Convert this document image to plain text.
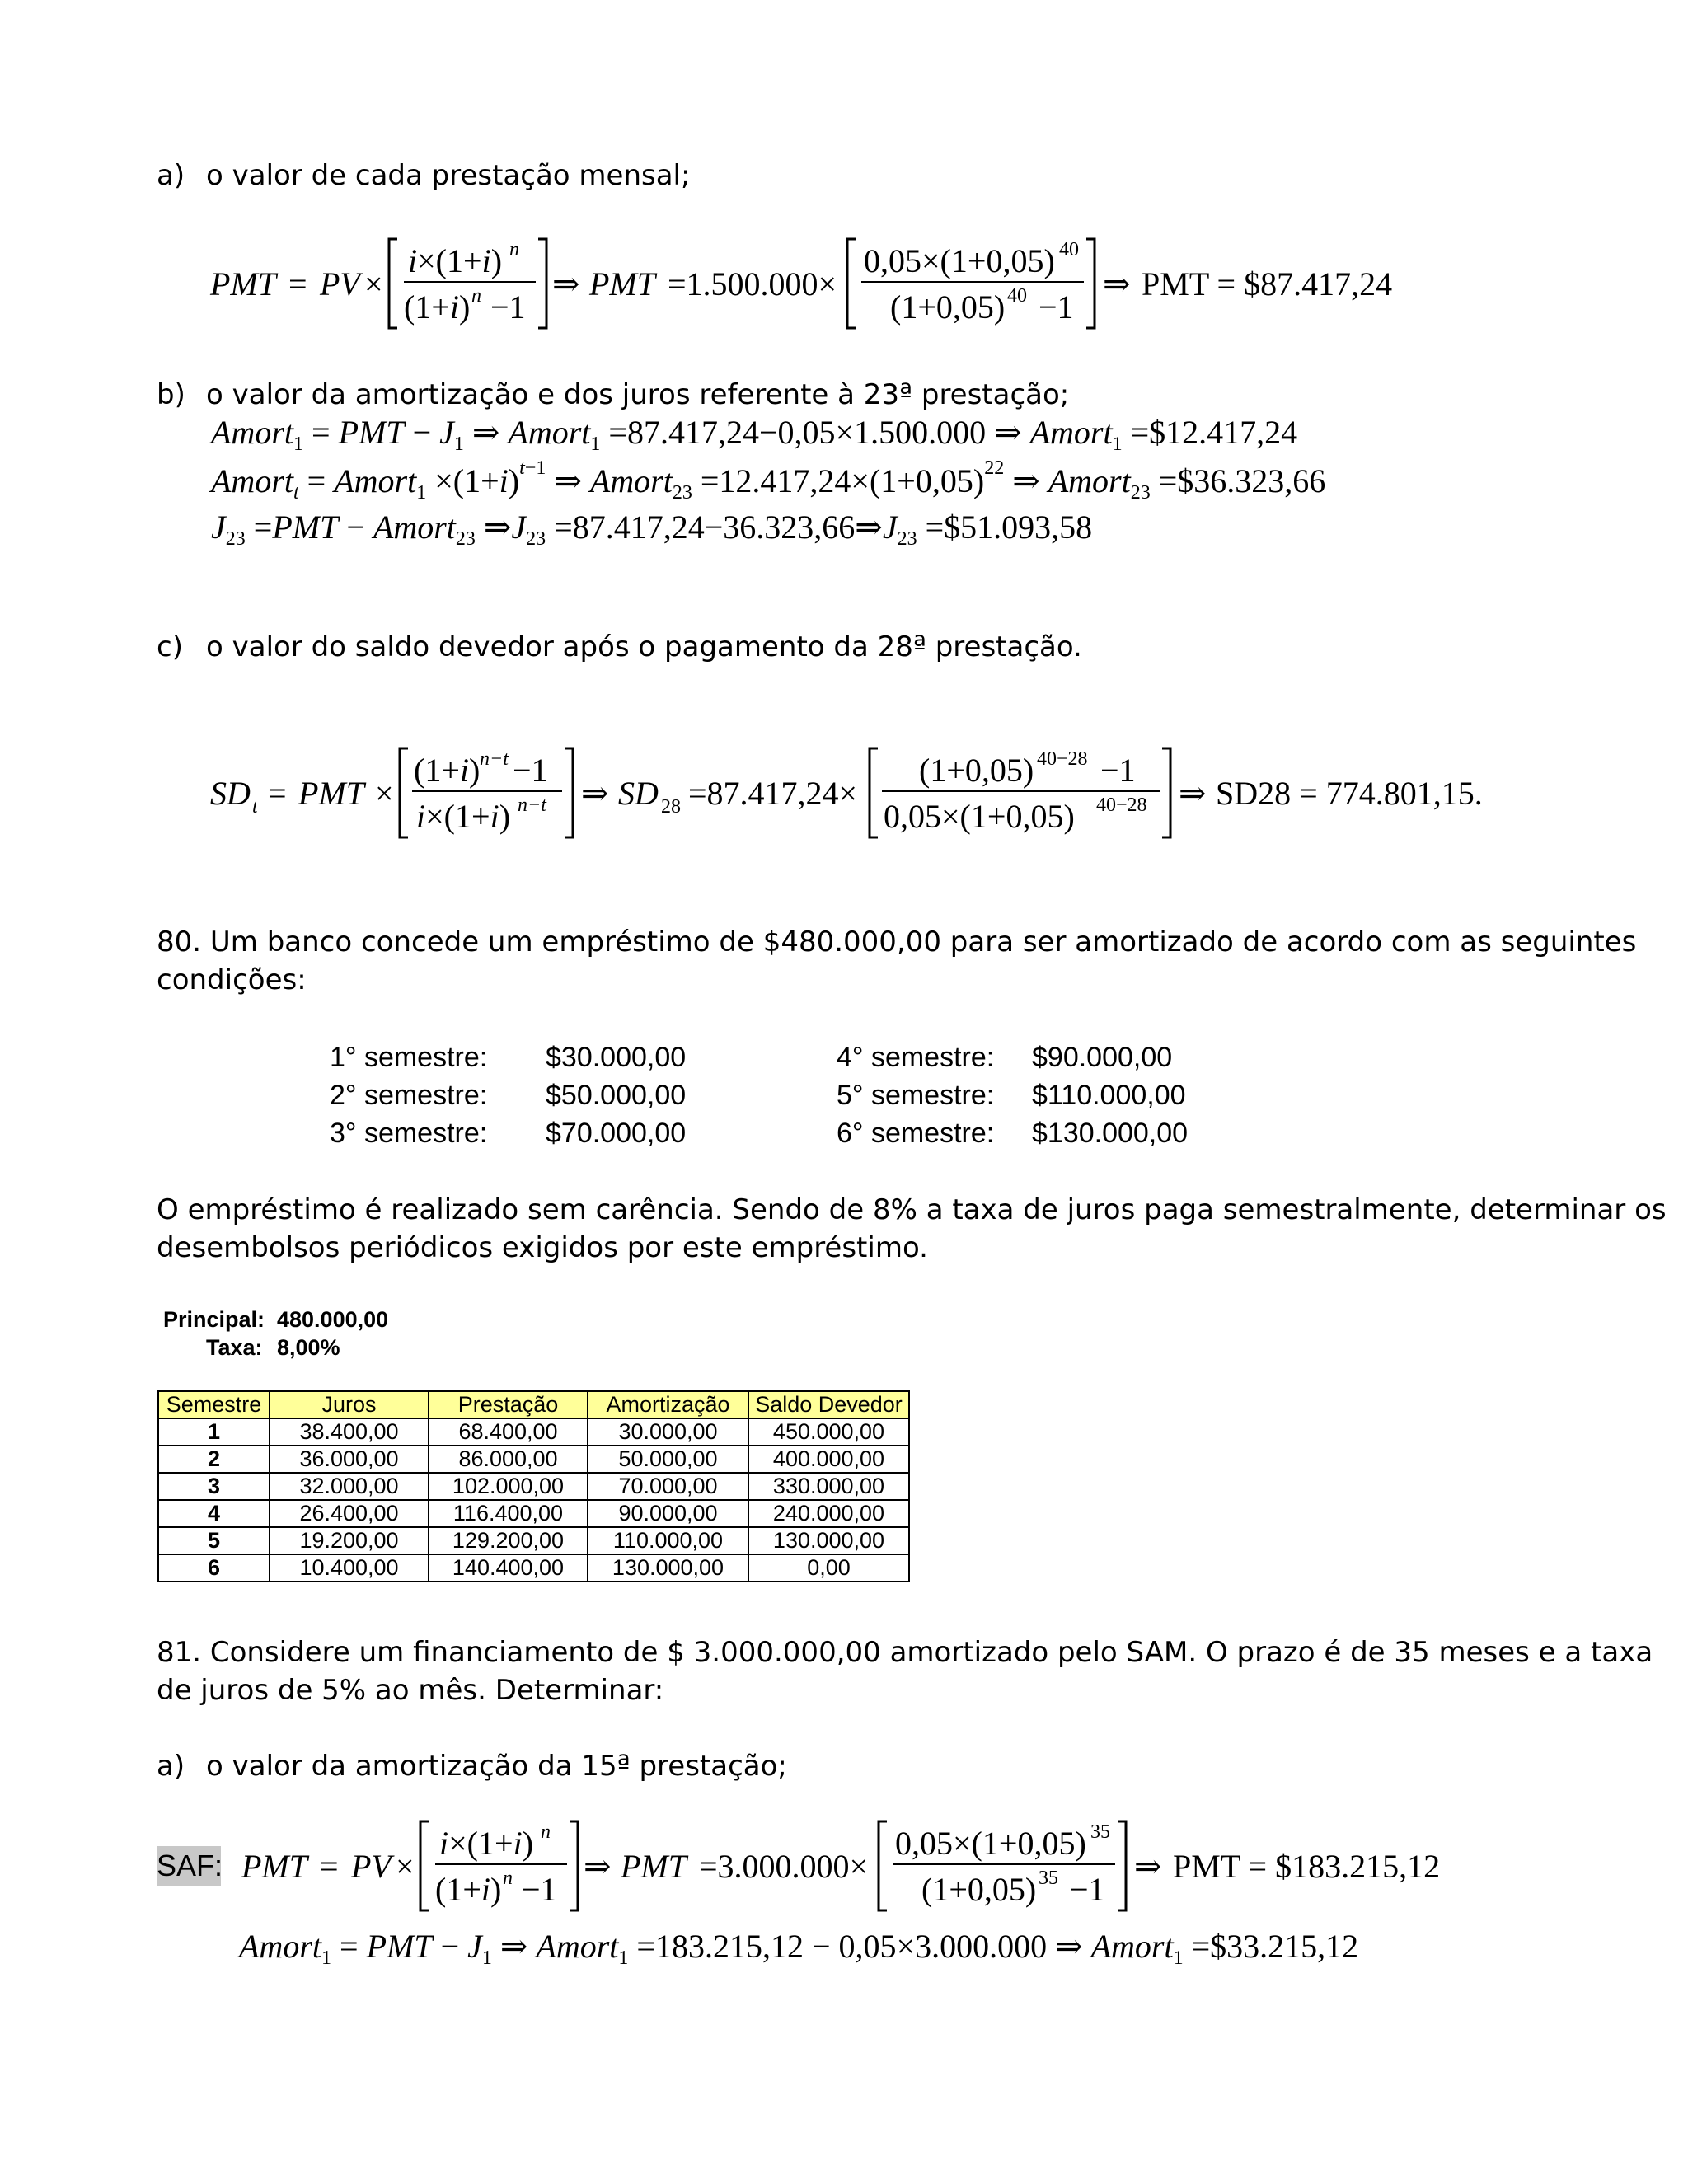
a) o valor de cada prestação mensal;
PMT = PV ×
i×(1+i) n
(1+i) n −1
⇒ PMT =1.500.000×
0,05×(1+0,05) 40
(1+0,05) 40 −1
⇒ PMT = $87.417,24
b) o valor da amortização e dos juros referente à 23ª prestação;
Amort$_1$ = PMT − $J_1$ ⇒ Amort$_1$ =87.417,24−0,05×1.500.000 ⇒ Amort$_1$ =$12.417,24
Amort$_t$ = Amort$_1$ $\times(1+i)^{t-1}$ ⇒ Amort$_{23}$ $=12.417,24\times(1+0,05)^{22}$ ⇒ Amort$_{23}$ =$36.323,66
$J_{23} =PMT$ − Amort$_{23}$ $\Rightarrow J_{23}$ $=87.417,24-36.323,66\Rightarrow J_{23}$ =$51.093,58
c) o valor do saldo devedor após o pagamento da 28ª prestação.
SD t = PMT ×
(1+i) n−t −1
i×(1+i) n−t ⇒ SD 28 =87.417,24×
(1+0,05) 40−28 −1
0,05×(1+0,05) 40−28 ⇒ SD28 = 774.801,15.
80. Um banco concede um empréstimo de $480.000,00 para ser amortizado de acordo com as seguintes
condições:
1° semestre: $30.000,00
2° semestre: $50.000,00
3° semestre: $70.000,00
4° semestre: $90.000,00
5° semestre: $110.000,00
6° semestre: $130.000,00
O empréstimo é realizado sem carência. Sendo de 8% a taxa de juros paga semestralmente, determinar os
desembolsos periódicos exigidos por este empréstimo.
Principal: 480.000,00
Taxa: 8,00%
Semestre	Juros	Prestação	Amortização	Saldo Devedor
1	38.400,00	68.400,00	30.000,00	450.000,00
2	36.000,00	86.000,00	50.000,00	400.000,00
3	32.000,00	102.000,00	70.000,00	330.000,00
4	26.400,00	116.400,00	90.000,00	240.000,00
5	19.200,00	129.200,00	110.000,00	130.000,00
6	10.400,00	140.400,00	130.000,00	0,00
81. Considere um financiamento de $ 3.000.000,00 amortizado pelo SAM. O prazo é de 35 meses e a taxa
de juros de 5% ao mês. Determinar:
a) o valor da amortização da 15ª prestação;
SAF: PMT = PV ×
i×(1+i) n
(1+i) n −1
⇒ PMT =3.000.000×
0,05×(1+0,05) 35
(1+0,05) 35 −1
⇒ PMT = $183.215,12
Amort$_1$ = PMT − $J_1$ ⇒ Amort$_1$ =183.215,12 − 0,05×3.000.000 ⇒ Amort$_1$ =$33.215,12
